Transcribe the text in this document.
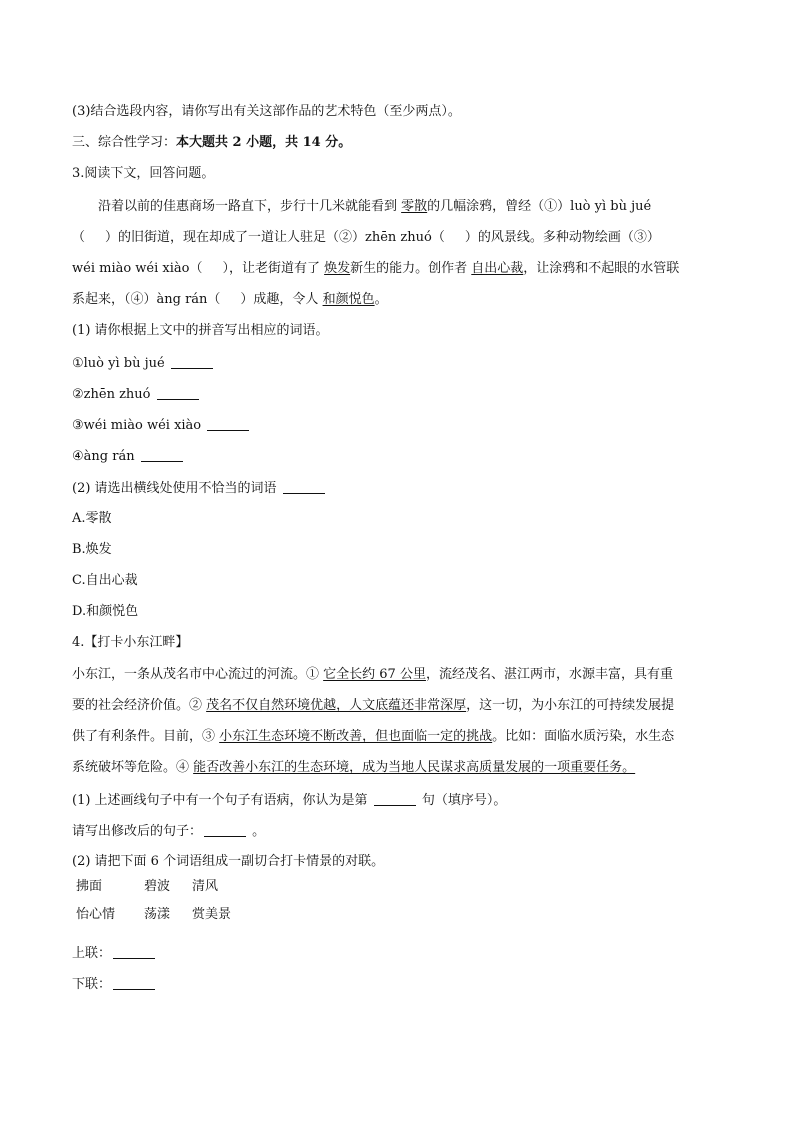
(3)结合选段内容，请你写出有关这部作品的艺术特色（至少两点）。
三、综合性学习：本大题共 2 小题，共 14 分。
3.阅读下文，回答问题。
沿着以前的佳惠商场一路直下，步行十几米就能看到 零散的几幅涂鸦，曾经（①）luò yì bù jué
（ ）的旧街道，现在却成了一道让人驻足（②）zhēn zhuó（ ）的风景线。多种动物绘画（③）
wéi miào wéi xiào（ ），让老街道有了 焕发新生的能力。创作者 自出心裁，让涂鸦和不起眼的水管联
系起来，（④）àng rán（ ）成趣，令人 和颜悦色。
(1) 请你根据上文中的拼音写出相应的词语。
①luò yì bù jué
②zhēn zhuó
③wéi miào wéi xiào
④àng rán
(2) 请选出横线处使用不恰当的词语
A.零散
B.焕发
C.自出心裁
D.和颜悦色
4.【打卡小东江畔】
小东江，一条从茂名市中心流过的河流。① 它全长约 67 公里，流经茂名、湛江两市，水源丰富，具有重
要的社会经济价值。② 茂名不仅自然环境优越，人文底蕴还非常深厚，这一切，为小东江的可持续发展提
供了有利条件。目前，③ 小东江生态环境不断改善，但也面临一定的挑战。比如：面临水质污染，水生态
系统破坏等危险。④ 能否改善小东江的生态环境，成为当地人民谋求高质量发展的一项重要任务。
(1) 上述画线句子中有一个句子有语病，你认为是第	句（填序号）。
请写出修改后的句子：	。
(2) 请把下面 6 个词语组成一副切合打卡情景的对联。
拂面	碧波 清风
怡心情 荡漾 赏美景
上联：
下联：
